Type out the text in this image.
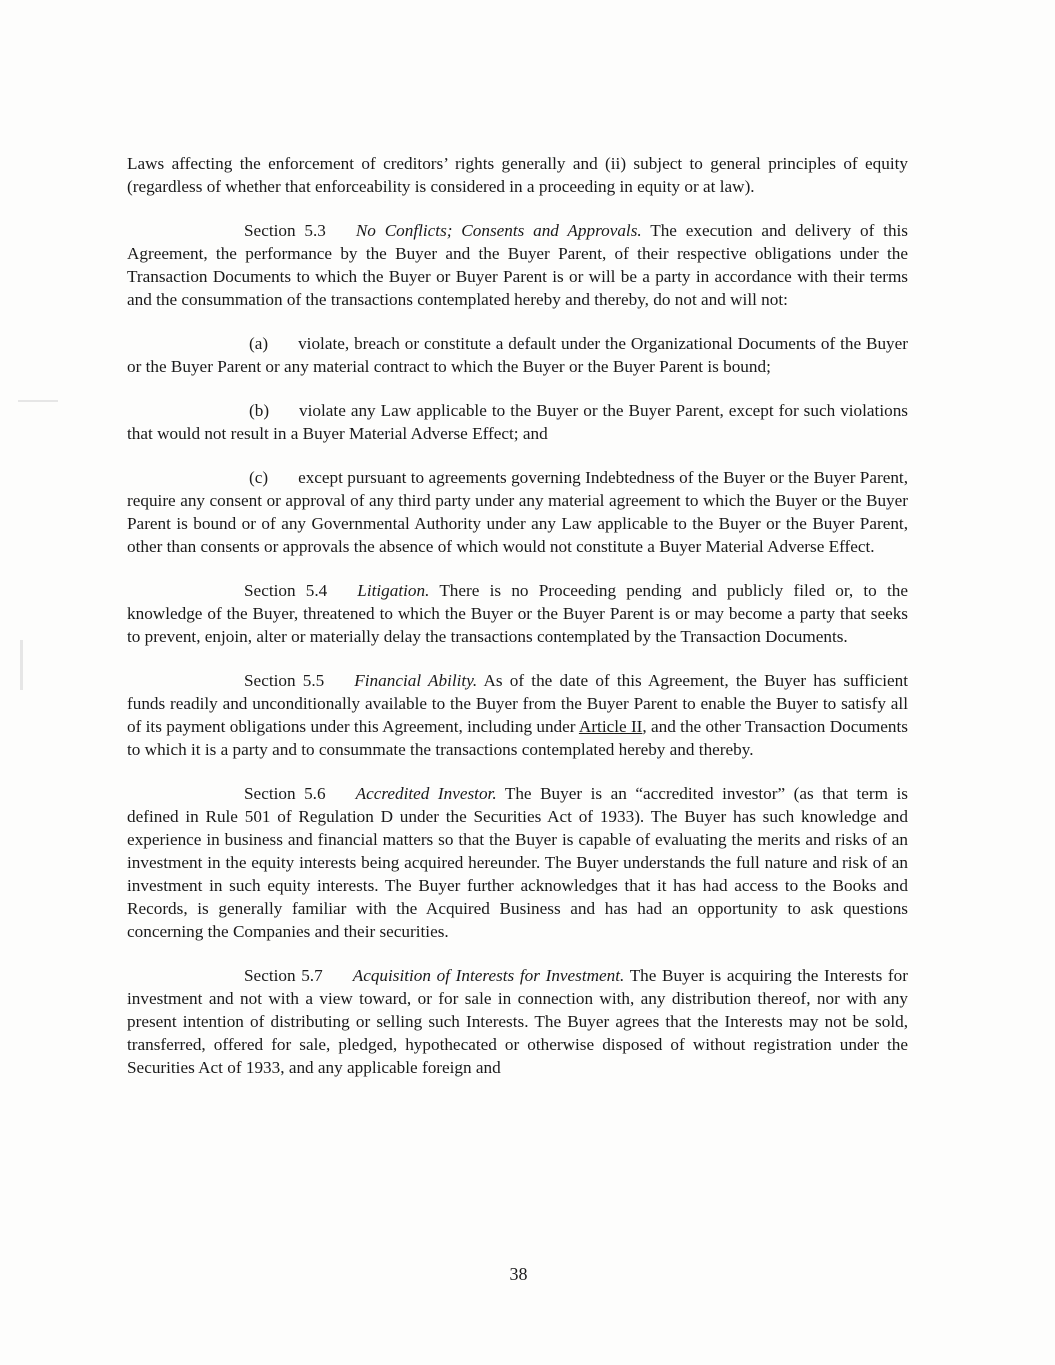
Laws affecting the enforcement of creditors’ rights generally and (ii) subject to general principles of equity (regardless of whether that enforceability is considered in a proceeding in equity or at law).

Section 5.3 No Conflicts; Consents and Approvals. The execution and delivery of this Agreement, the performance by the Buyer and the Buyer Parent, of their respective obligations under the Transaction Documents to which the Buyer or Buyer Parent is or will be a party in accordance with their terms and the consummation of the transactions contemplated hereby and thereby, do not and will not:

(a) violate, breach or constitute a default under the Organizational Documents of the Buyer or the Buyer Parent or any material contract to which the Buyer or the Buyer Parent is bound;

(b) violate any Law applicable to the Buyer or the Buyer Parent, except for such violations that would not result in a Buyer Material Adverse Effect; and

(c) except pursuant to agreements governing Indebtedness of the Buyer or the Buyer Parent, require any consent or approval of any third party under any material agreement to which the Buyer or the Buyer Parent is bound or of any Governmental Authority under any Law applicable to the Buyer or the Buyer Parent, other than consents or approvals the absence of which would not constitute a Buyer Material Adverse Effect.

Section 5.4 Litigation. There is no Proceeding pending and publicly filed or, to the knowledge of the Buyer, threatened to which the Buyer or the Buyer Parent is or may become a party that seeks to prevent, enjoin, alter or materially delay the transactions contemplated by the Transaction Documents.

Section 5.5 Financial Ability. As of the date of this Agreement, the Buyer has sufficient funds readily and unconditionally available to the Buyer from the Buyer Parent to enable the Buyer to satisfy all of its payment obligations under this Agreement, including under Article II, and the other Transaction Documents to which it is a party and to consummate the transactions contemplated hereby and thereby.

Section 5.6 Accredited Investor. The Buyer is an “accredited investor” (as that term is defined in Rule 501 of Regulation D under the Securities Act of 1933). The Buyer has such knowledge and experience in business and financial matters so that the Buyer is capable of evaluating the merits and risks of an investment in the equity interests being acquired hereunder. The Buyer understands the full nature and risk of an investment in such equity interests. The Buyer further acknowledges that it has had access to the Books and Records, is generally familiar with the Acquired Business and has had an opportunity to ask questions concerning the Companies and their securities.

Section 5.7 Acquisition of Interests for Investment. The Buyer is acquiring the Interests for investment and not with a view toward, or for sale in connection with, any distribution thereof, nor with any present intention of distributing or selling such Interests. The Buyer agrees that the Interests may not be sold, transferred, offered for sale, pledged, hypothecated or otherwise disposed of without registration under the Securities Act of 1933, and any applicable foreign and

38
